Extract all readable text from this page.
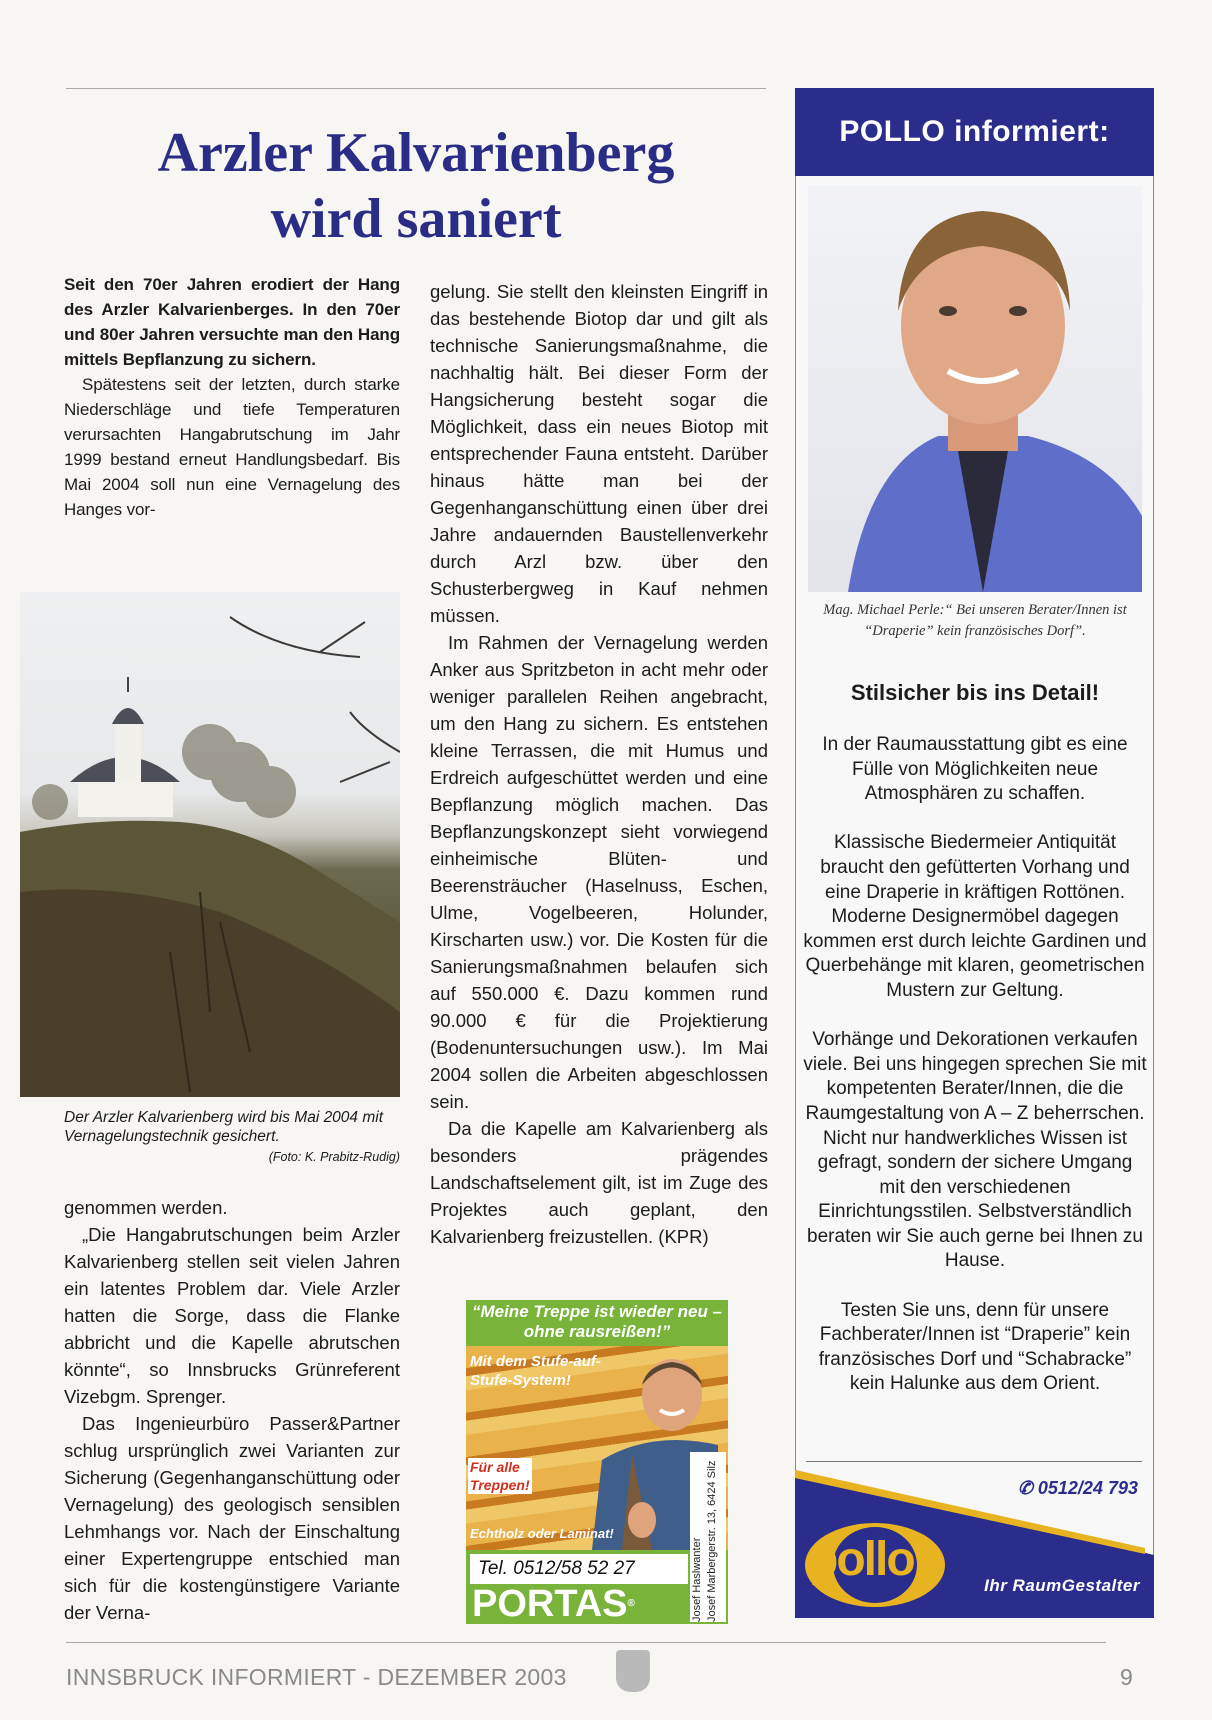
Arzler Kalvarienberg
wird saniert

Seit den 70er Jahren erodiert der Hang des Arzler Kalvarienberges. In den 70er und 80er Jahren versuchte man den Hang mittels Bepflanzung zu sichern.

Spätestens seit der letzten, durch starke Niederschläge und tiefe Temperaturen verursachten Hangabrutschung im Jahr 1999 bestand erneut Handlungsbedarf. Bis Mai 2004 soll nun eine Vernagelung des Hanges vor-

Der Arzler Kalvarienberg wird bis Mai 2004 mit Vernagelungstechnik gesichert.
(Foto: K. Prabitz-Rudig)

genommen werden.

„Die Hangabrutschungen beim Arzler Kalvarienberg stellen seit vielen Jahren ein latentes Problem dar. Viele Arzler hatten die Sorge, dass die Flanke abbricht und die Kapelle abrutschen könnte“, so Innsbrucks Grünreferent Vizebgm. Sprenger.

Das Ingenieurbüro Passer&Partner schlug ursprünglich zwei Varianten zur Sicherung (Gegenhanganschüttung oder Vernagelung) des geologisch sensiblen Lehmhangs vor. Nach der Einschaltung einer Expertengruppe entschied man sich für die kostengünstigere Variante der Verna-

gelung. Sie stellt den kleinsten Eingriff in das bestehende Biotop dar und gilt als technische Sanierungsmaßnahme, die nachhaltig hält. Bei dieser Form der Hangsicherung besteht sogar die Möglichkeit, dass ein neues Biotop mit entsprechender Fauna entsteht. Darüber hinaus hätte man bei der Gegenhanganschüttung einen über drei Jahre andauernden Baustellenverkehr durch Arzl bzw. über den Schusterbergweg in Kauf nehmen müssen.

Im Rahmen der Vernagelung werden Anker aus Spritzbeton in acht mehr oder weniger parallelen Reihen angebracht, um den Hang zu sichern. Es entstehen kleine Terrassen, die mit Humus und Erdreich aufgeschüttet werden und eine Bepflanzung möglich machen. Das Bepflanzungskonzept sieht vorwiegend einheimische Blüten- und Beerensträucher (Haselnuss, Eschen, Ulme, Vogelbeeren, Holunder, Kirscharten usw.) vor. Die Kosten für die Sanierungsmaßnahmen belaufen sich auf 550.000 €. Dazu kommen rund 90.000 € für die Projektierung (Bodenuntersuchungen usw.). Im Mai 2004 sollen die Arbeiten abgeschlossen sein.

Da die Kapelle am Kalvarienberg als besonders prägendes Landschaftselement gilt, ist im Zuge des Projektes auch geplant, den Kalvarienberg freizustellen. (KPR)

“Meine Treppe ist wieder neu – ohne rausreißen!”
Mit dem Stufe-auf-Stufe-System!
Für alle Treppen!
Echtholz oder Laminat!
Tel. 0512/58 52 27
PORTAS®	Josef Haslwanter Josef Marbergerstr. 13, 6424 Silz
POLLO informiert:
Mag. Michael Perle:“ Bei unseren Berater/Innen ist “Draperie” kein französisches Dorf”.
Stilsicher bis ins Detail!

In der Raumausstattung gibt es eine Fülle von Möglichkeiten neue Atmosphären zu schaffen.

Klassische Biedermeier Antiquität braucht den gefütterten Vorhang und eine Draperie in kräftigen Rottönen. Moderne Designermöbel dagegen kommen erst durch leichte Gardinen und Querbehänge mit klaren, geometrischen Mustern zur Geltung.

Vorhänge und Dekorationen verkaufen viele. Bei uns hingegen sprechen Sie mit kompetenten Berater/Innen, die die Raumgestaltung von A – Z beherrschen. Nicht nur handwerkliches Wissen ist gefragt, sondern der sichere Umgang mit den verschiedenen Einrichtungsstilen. Selbstverständlich beraten wir Sie auch gerne bei Ihnen zu Hause.

Testen Sie uns, denn für unsere Fachberater/Innen ist “Draperie” kein französisches Dorf und “Schabracke” kein Halunke aus dem Orient.

pollo
✆ 0512/24 793
Ihr RaumGestalter
INNSBRUCK INFORMIERT - DEZEMBER 2003	9
